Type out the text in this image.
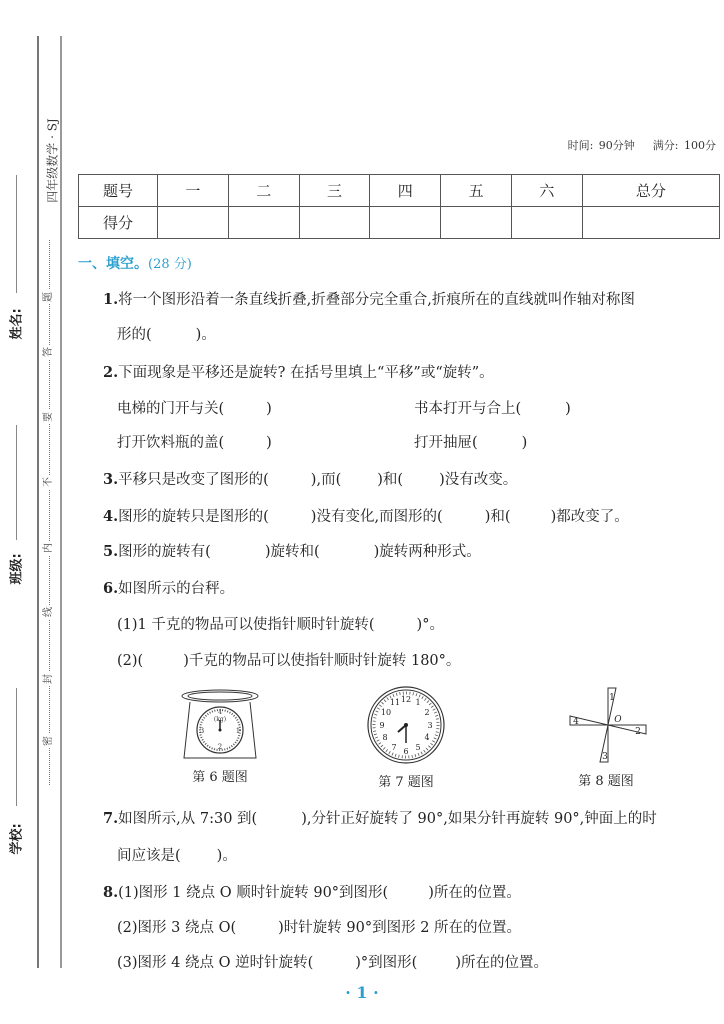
四年级数学 · SJ
题
答
要
不
内
线
封
密
姓名:
班级:
学校:
时间: 90分钟 满分: 100分
题号	一	二	三	四	五	六	总分
得分							
一、填空。(28 分)
1.将一个图形沿着一条直线折叠,折叠部分完全重合,折痕所在的直线就叫作轴对称图
形的(	)。
2.下面现象是平移还是旋转? 在括号里填上“平移”或“旋转”。
电梯的门开与关(	)	书本打开与合上(	)
打开饮料瓶的盖(	)	打开抽屉(	)
3.平移只是改变了图形的(	),而( )和( )没有改变。
4.图形的旋转只是图形的(	)没有变化,而图形的(	)和(	)都改变了。
5.图形的旋转有(	)旋转和(	)旋转两种形式。
6.如图所示的台秤。
(1)1 千克的物品可以使指针顺时针旋转(	)°。
(2)(	)千克的物品可以使指针顺时针旋转 180°。
4
(kg)
1
2
3
第 6 题图
12 1
2
3
4
5
6
7
8
9
10
11
第 7 题图
1
2
3
4	O
第 8 题图
7.如图所示,从 7:30 到(	),分针正好旋转了 90°,如果分针再旋转 90°,钟面上的时
间应该是( )。
8.(1)图形 1 绕点 O 顺时针旋转 90°到图形(	)所在的位置。
(2)图形 3 绕点 O(	)时针旋转 90°到图形 2 所在的位置。
(3)图形 4 绕点 O 逆时针旋转(	)°到图形(	)所在的位置。
· 1 ·
